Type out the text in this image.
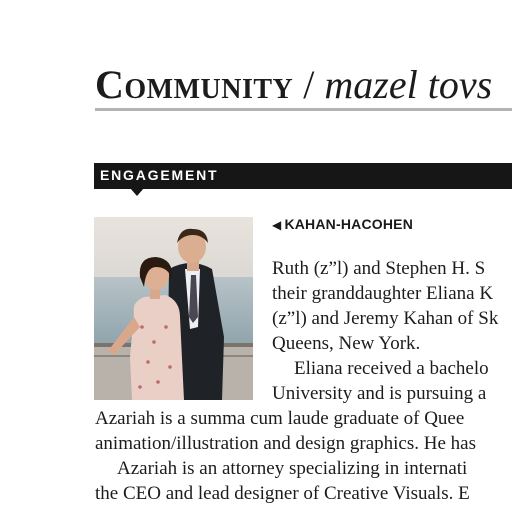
Community / mazel tovs
ENGAGEMENT
◀ KAHAN-HACOHEN
Ruth (z”l) and Stephen H. S
their granddaughter Eliana K
(z”l) and Jeremy Kahan of Sk
Queens, New York.
Eliana received a bachelo
University and is pursuing a
Azariah is a summa cum laude graduate of Quee
animation/illustration and design graphics. He has
Azariah is an attorney specializing in internati
the CEO and lead designer of Creative Visuals. E
